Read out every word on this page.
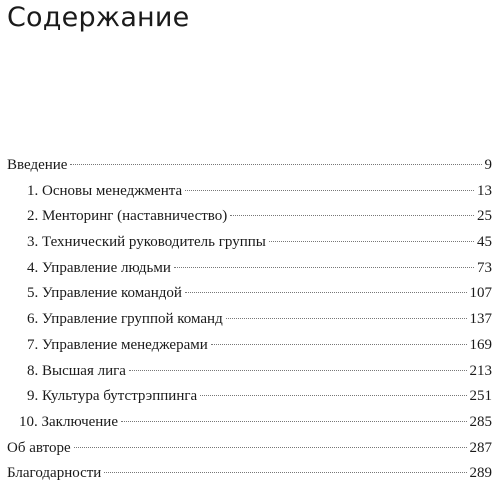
Содержание
Введение	9
1. Основы менеджмента	13
2. Менторинг (наставничество)	25
3. Технический руководитель группы	45
4. Управление людьми	73
5. Управление командой	107
6. Управление группой команд	137
7. Управление менеджерами	169
8. Высшая лига	213
9. Культура бутстрэппинга	251
10. Заключение	285
Об авторе	287
Благодарности	289
